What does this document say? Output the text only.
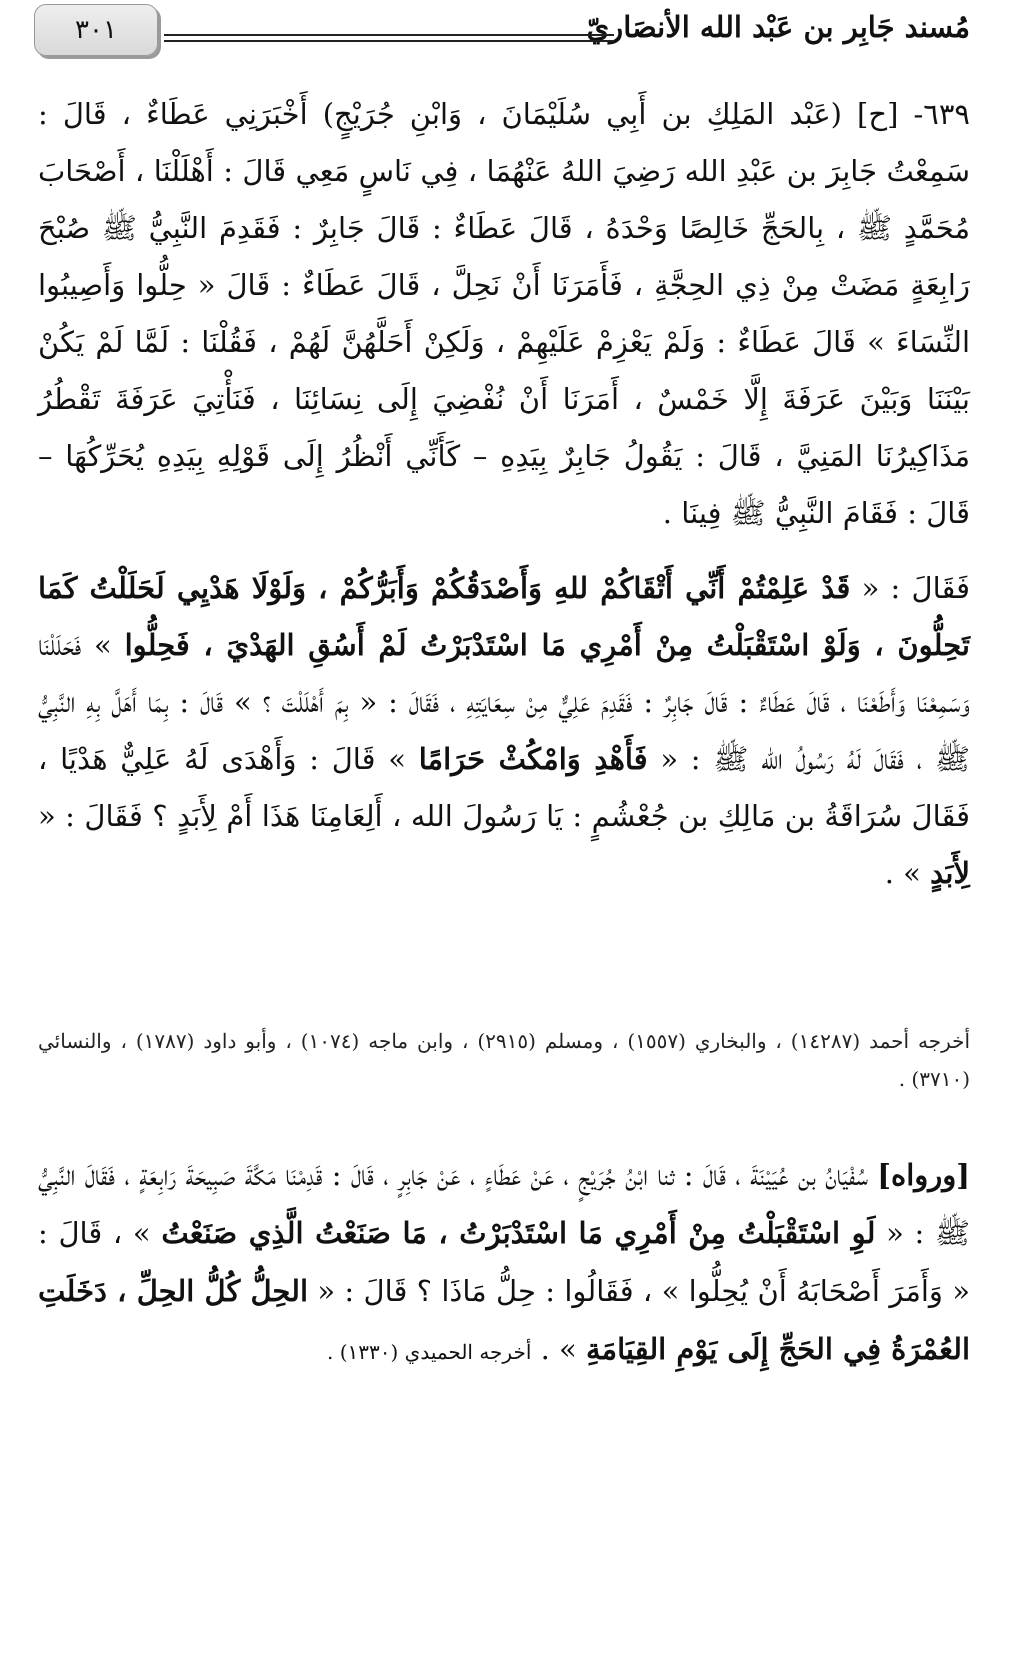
مُسند جَابِر بن عَبْد الله الأنصَاريّ
٣٠١

٦٣٩- [ح] (عَبْد المَلِكِ بن أَبِي سُلَيْمَانَ ، وَابْنِ جُرَيْجٍ) أَخْبَرَنِي عَطَاءٌ ، قَالَ : سَمِعْتُ جَابِرَ بن عَبْدِ الله رَضِيَ اللهُ عَنْهُمَا ، فِي نَاسٍ مَعِي قَالَ : أَهْلَلْنَا ، أَصْحَابَ مُحَمَّدٍ ﷺ ، بِالحَجِّ خَالِصًا وَحْدَهُ ، قَالَ عَطَاءٌ : قَالَ جَابِرٌ : فَقَدِمَ النَّبِيُّ ﷺ صُبْحَ رَابِعَةٍ مَضَتْ مِنْ ذِي الحِجَّةِ ، فَأَمَرَنَا أَنْ نَحِلَّ ، قَالَ عَطَاءٌ : قَالَ « حِلُّوا وَأَصِيبُوا النِّسَاءَ » قَالَ عَطَاءٌ : وَلَمْ يَعْزِمْ عَلَيْهِمْ ، وَلَكِنْ أَحَلَّهُنَّ لَهُمْ ، فَقُلْنَا : لَمَّا لَمْ يَكُنْ بَيْنَنَا وَبَيْنَ عَرَفَةَ إِلَّا خَمْسٌ ، أَمَرَنَا أَنْ نُفْضِيَ إِلَى نِسَائِنَا ، فَنَأْتِيَ عَرَفَةَ تَقْطُرُ مَذَاكِيرُنَا المَنِيَّ ، قَالَ : يَقُولُ جَابِرٌ بِيَدِهِ – كَأَنِّي أَنْظُرُ إِلَى قَوْلِهِ بِيَدِهِ يُحَرِّكُهَا – قَالَ : فَقَامَ النَّبِيُّ ﷺ فِينَا .

فَقَالَ : « قَدْ عَلِمْتُمْ أَنِّي أَتْقَاكُمْ للهِ وَأَصْدَقُكُمْ وَأَبَرُّكُمْ ، وَلَوْلَا هَدْيِي لَحَلَلْتُ كَمَا تَحِلُّونَ ، وَلَوْ اسْتَقْبَلْتُ مِنْ أَمْرِي مَا اسْتَدْبَرْتُ لَمْ أَسُقِ الهَدْيَ ، فَحِلُّوا » فَحَلَلْنَا وَسَمِعْنَا وَأَطَعْنَا ، قَالَ عَطَاءٌ : قَالَ جَابِرٌ : فَقَدِمَ عَلِيٌّ مِنْ سِعَايَتِهِ ، فَقَالَ : « بِمَ أَهْلَلْتَ ؟ » قَالَ : بِمَا أَهَلَّ بِهِ النَّبِيُّ ﷺ ، فَقَالَ لَهُ رَسُولُ الله ﷺ : « فَأَهْدِ وَامْكُثْ حَرَامًا » قَالَ : وَأَهْدَى لَهُ عَلِيٌّ هَدْيًا ، فَقَالَ سُرَاقَةُ بن مَالِكِ بن جُعْشُمٍ : يَا رَسُولَ الله ، أَلِعَامِنَا هَذَا أَمْ لِأَبَدٍ ؟ فَقَالَ : « لِأَبَدٍ » .

أخرجه أحمد (١٤٢٨٧) ، والبخاري (١٥٥٧) ، ومسلم (٢٩١٥) ، وابن ماجه (١٠٧٤) ، وأبو داود (١٧٨٧) ، والنسائي (٣٧١٠) .

[ورواه] سُفْيَانُ بن عُيَيْنَةَ ، قَالَ : ثنا ابْنُ جُرَيْجٍ ، عَنْ عَطَاءٍ ، عَنْ جَابِرٍ ، قَالَ : قَدِمْنَا مَكَّةَ صَبِيحَةَ رَابِعَةٍ ، فَقَالَ النَّبِيُّ ﷺ : « لَوِ اسْتَقْبَلْتُ مِنْ أَمْرِي مَا اسْتَدْبَرْتُ ، مَا صَنَعْتُ الَّذِي صَنَعْتُ » ، قَالَ : « وَأَمَرَ أَصْحَابَهُ أَنْ يُحِلُّوا » ، فَقَالُوا : حِلُّ مَاذَا ؟ قَالَ : « الحِلُّ كُلُّ الحِلِّ ، دَخَلَتِ العُمْرَةُ فِي الحَجِّ إِلَى يَوْمِ القِيَامَةِ » . أخرجه الحميدي (١٣٣٠) .
